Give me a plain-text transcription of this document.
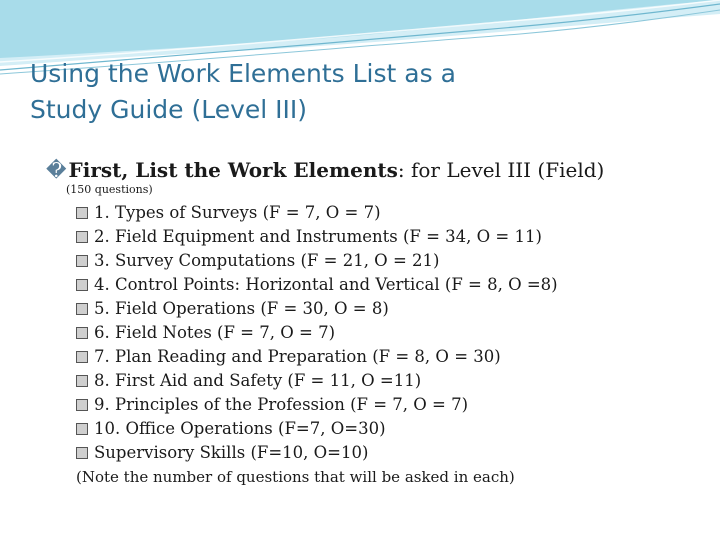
Using the Work Elements List as a
Study Guide (Level III)
� First, List the Work Elements: for Level III (Field)
(150 questions)
1. Types of Surveys (F = 7, O = 7)
2. Field Equipment and Instruments (F = 34, O = 11)
3. Survey Computations (F = 21, O = 21)
4. Control Points: Horizontal and Vertical (F = 8, O =8)
5. Field Operations (F = 30, O = 8)
6. Field Notes (F = 7, O = 7)
7. Plan Reading and Preparation (F = 8, O = 30)
8. First Aid and Safety (F = 11, O =11)
9. Principles of the Profession (F = 7, O = 7)
10. Office Operations (F=7, O=30)
Supervisory Skills (F=10, O=10)
(Note the number of questions that will be asked in each)
